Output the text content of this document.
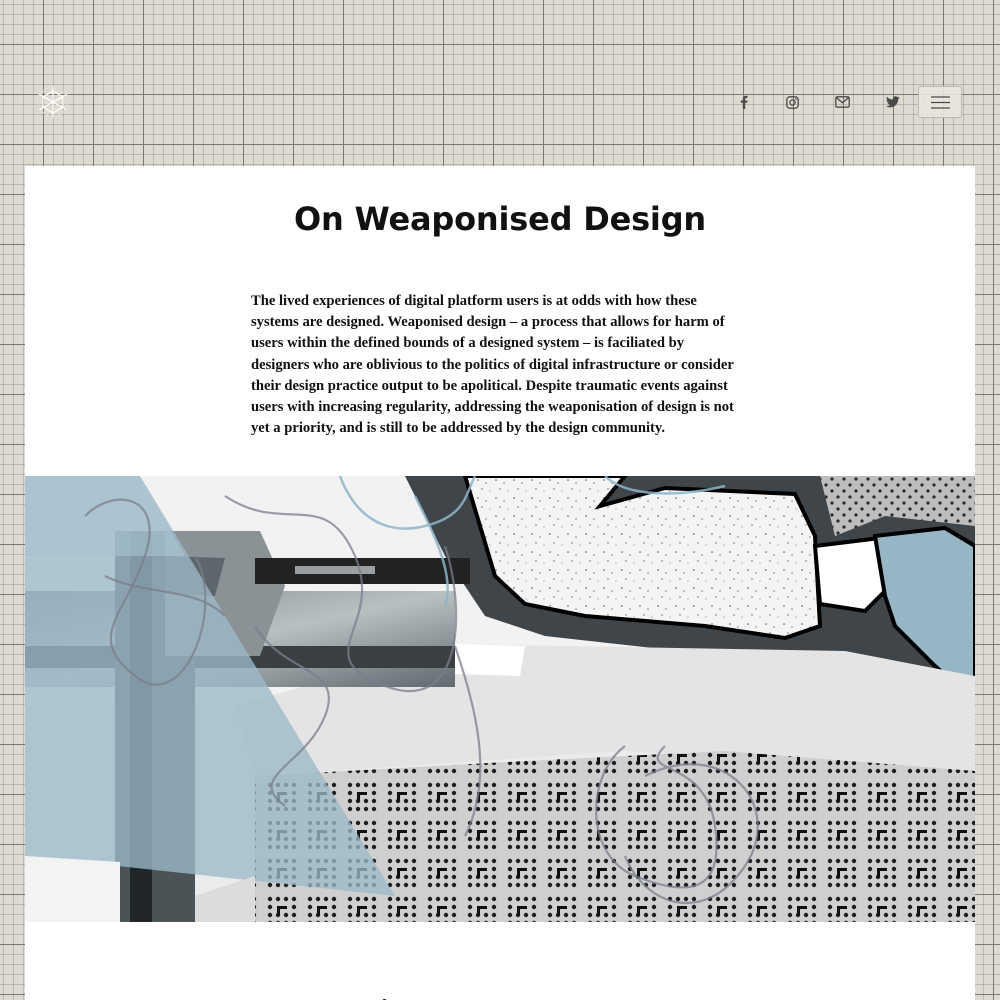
On Weaponised Design

The lived experiences of digital platform users is at odds with how these systems are designed. Weaponised design – a process that allows for harm of users within the defined bounds of a designed system – is faciliated by designers who are oblivious to the politics of digital infrastructure or consider their design practice output to be apolitical. Despite traumatic events against users with increasing regularity, addressing the weaponisation of design is not yet a priority, and is still to be addressed by the design community.
